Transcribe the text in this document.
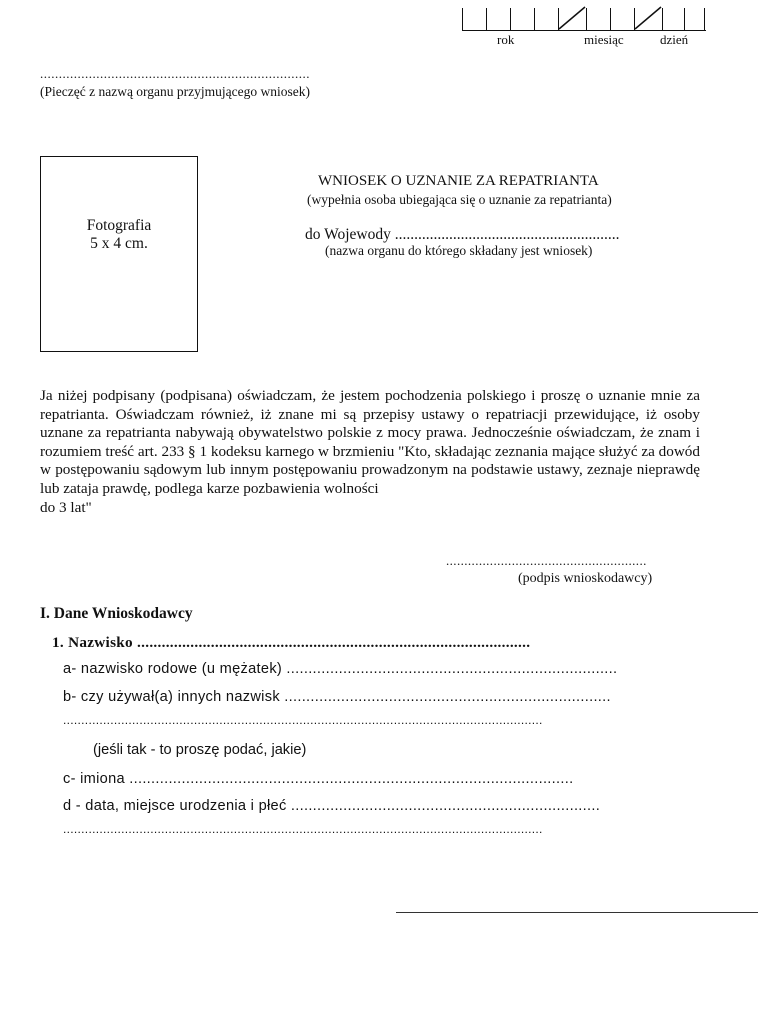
rok	miesiąc	dzień
........................................................................
(Pieczęć z nazwą organu przyjmującego wniosek)
Fotografia
5 x 4 cm.
WNIOSEK O UZNANIE ZA REPATRIANTA
(wypełnia osoba ubiegająca się o uznanie za repatrianta)
do Wojewody ..........................................................
(nazwa organu do którego składany jest wniosek)
Ja niżej podpisany (podpisana) oświadczam, że jestem pochodzenia polskiego i proszę o uznanie mnie za repatrianta. Oświadczam również, iż znane mi są przepisy ustawy o repatriacji przewidujące, iż osoby uznane za repatrianta nabywają obywatelstwo polskie z mocy prawa. Jednocześnie oświadczam, że znam i rozumiem treść art. 233 § 1 kodeksu karnego w brzmieniu "Kto, składając zeznania mające służyć za dowód w postępowaniu sądowym lub innym postępowaniu prowadzonym na podstawie ustawy, zeznaje nieprawdę lub zataja prawdę, podlega karze pozbawienia wolności
do 3 lat"
.......................................................
(podpis wnioskodawcy)
I. Dane Wnioskodawcy
1. Nazwisko ................................................................................................
a- nazwisko rodowe (u mężatek) ............................................................................
b- czy używał(a) innych nazwisk ...........................................................................
....................................................................................................................................
(jeśli tak - to proszę podać, jakie)
c- imiona ......................................................................................................
d - data, miejsce urodzenia i płeć .......................................................................
....................................................................................................................................
